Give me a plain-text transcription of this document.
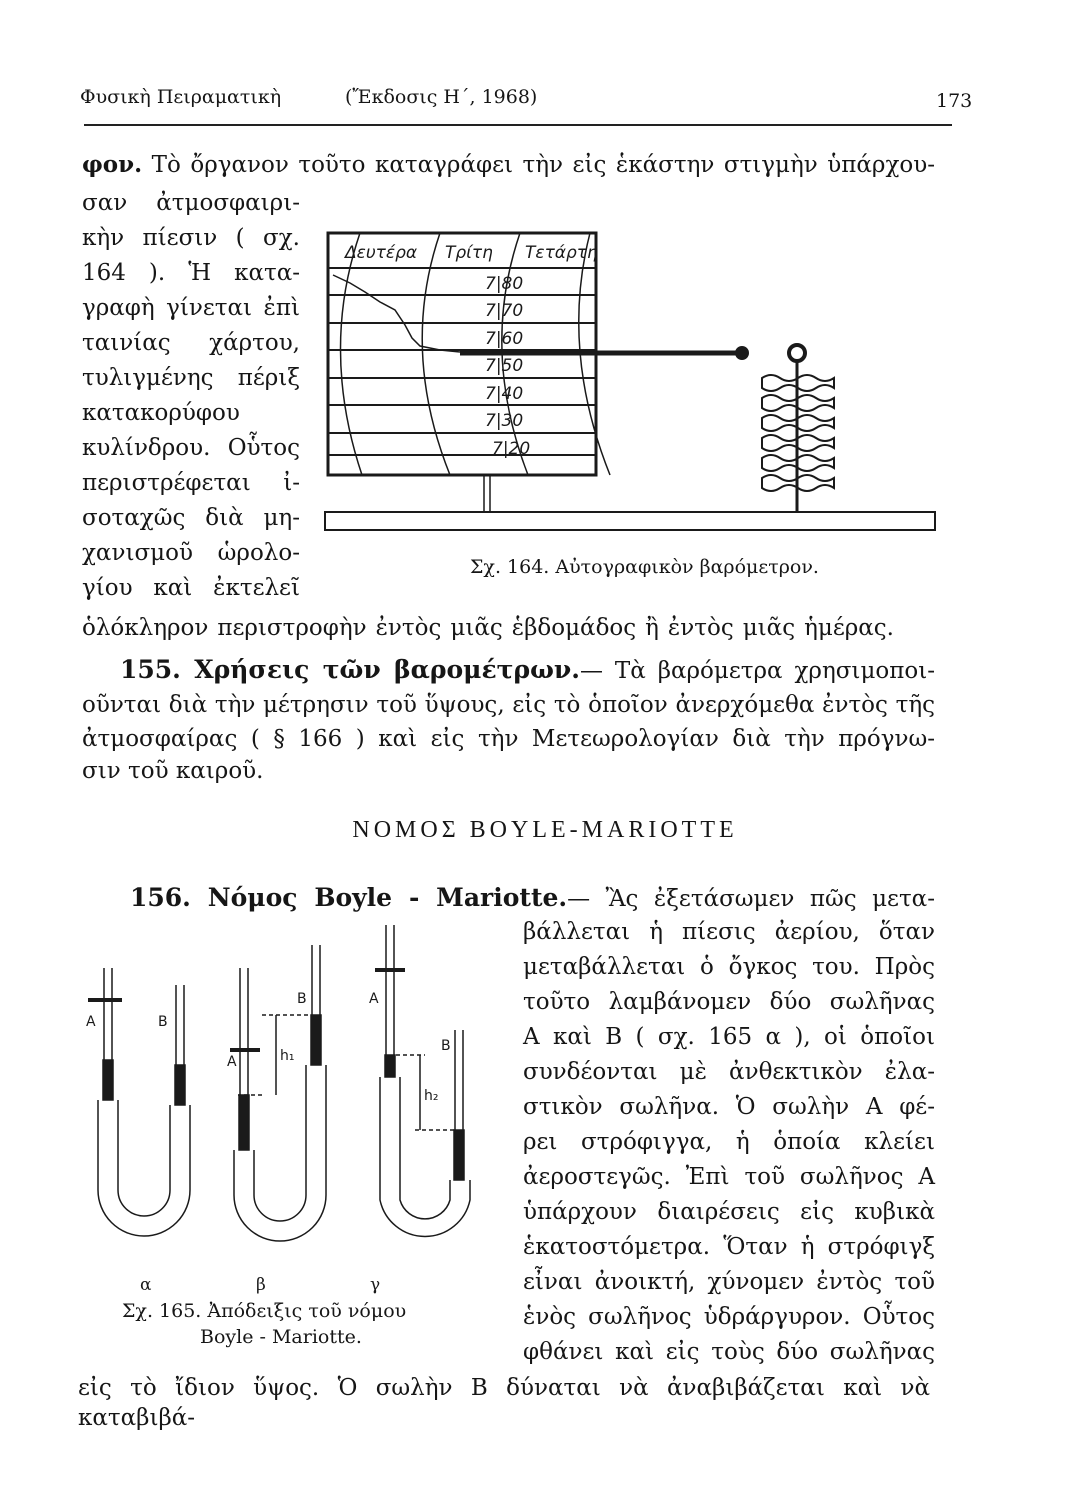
Φυσικὴ Πειραματικὴ	(Ἔκδοσις Η΄, 1968)	173
φον. Τὸ ὄργανον τοῦτο καταγράφει τὴν εἰς ἑκάστην στιγμὴν ὑπάρχου-
σαν ἀτμοσφαιρι-
κὴν πίεσιν ( σχ.
164 ). Ἡ κατα-
γραφὴ γίνεται ἐπὶ
ταινίας χάρτου,
τυλιγμένης πέριξ
κατακορύφου
κυλίνδρου. Οὗτος
περιστρέφεται ἰ-
σοταχῶς διὰ μη-
χανισμοῦ ὡρολο-
γίου καὶ ἐκτελεῖ
ὁλόκληρον περιστροφὴν ἐντὸς μιᾶς ἑβδομάδος ἢ ἐντὸς μιᾶς ἡμέρας.
155. Χρήσεις τῶν βαρομέτρων.— Τὰ βαρόμετρα χρησιμοποι-
οῦνται διὰ τὴν μέτρησιν τοῦ ὕψους, εἰς τὸ ὁποῖον ἀνερχόμεθα ἐντὸς τῆς
ἀτμοσφαίρας ( § 166 ) καὶ εἰς τὴν Μετεωρολογίαν διὰ τὴν πρόγνω-
σιν τοῦ καιροῦ.
ΝΟΜΟΣ BOYLE-MARIOTTE
156. Νόμος Boyle - Mariotte.— Ἂς ἐξετάσωμεν πῶς μετα-
βάλλεται ἡ πίεσις ἀερίου, ὅταν
μεταβάλλεται ὁ ὄγκος του. Πρὸς
τοῦτο λαμβάνομεν δύο σωλῆνας
Α καὶ Β ( σχ. 165 α ), οἱ ὁποῖοι
συνδέονται μὲ ἀνθεκτικὸν ἐλα-
στικὸν σωλῆνα. Ὁ σωλὴν Α φέ-
ρει στρόφιγγα, ἡ ὁποία κλείει
ἀεροστεγῶς. Ἐπὶ τοῦ σωλῆνος Α
ὑπάρχουν διαιρέσεις εἰς κυβικὰ
ἑκατοστόμετρα. Ὅταν ἡ στρόφιγξ
εἶναι ἀνοικτή, χύνομεν ἐντὸς τοῦ
ἑνὸς σωλῆνος ὑδράργυρον. Οὗτος
φθάνει καὶ εἰς τοὺς δύο σωλῆνας
εἰς τὸ ἴδιον ὕψος. Ὁ σωλὴν Β δύναται νὰ ἀναβιβάζεται καὶ νὰ καταβιβά-
Δευτέρα Τρίτη Τετάρτη
7|80
7|70
7|60
7|50
7|40
7|30
7|20
A	B
A
B
h₁
A
B
h₂
α	β	γ
Σχ. 164. Αὐτογραφικὸν βαρόμετρον.
Σχ. 165. Ἀπόδειξις τοῦ νόμου
Boyle - Mariotte.
